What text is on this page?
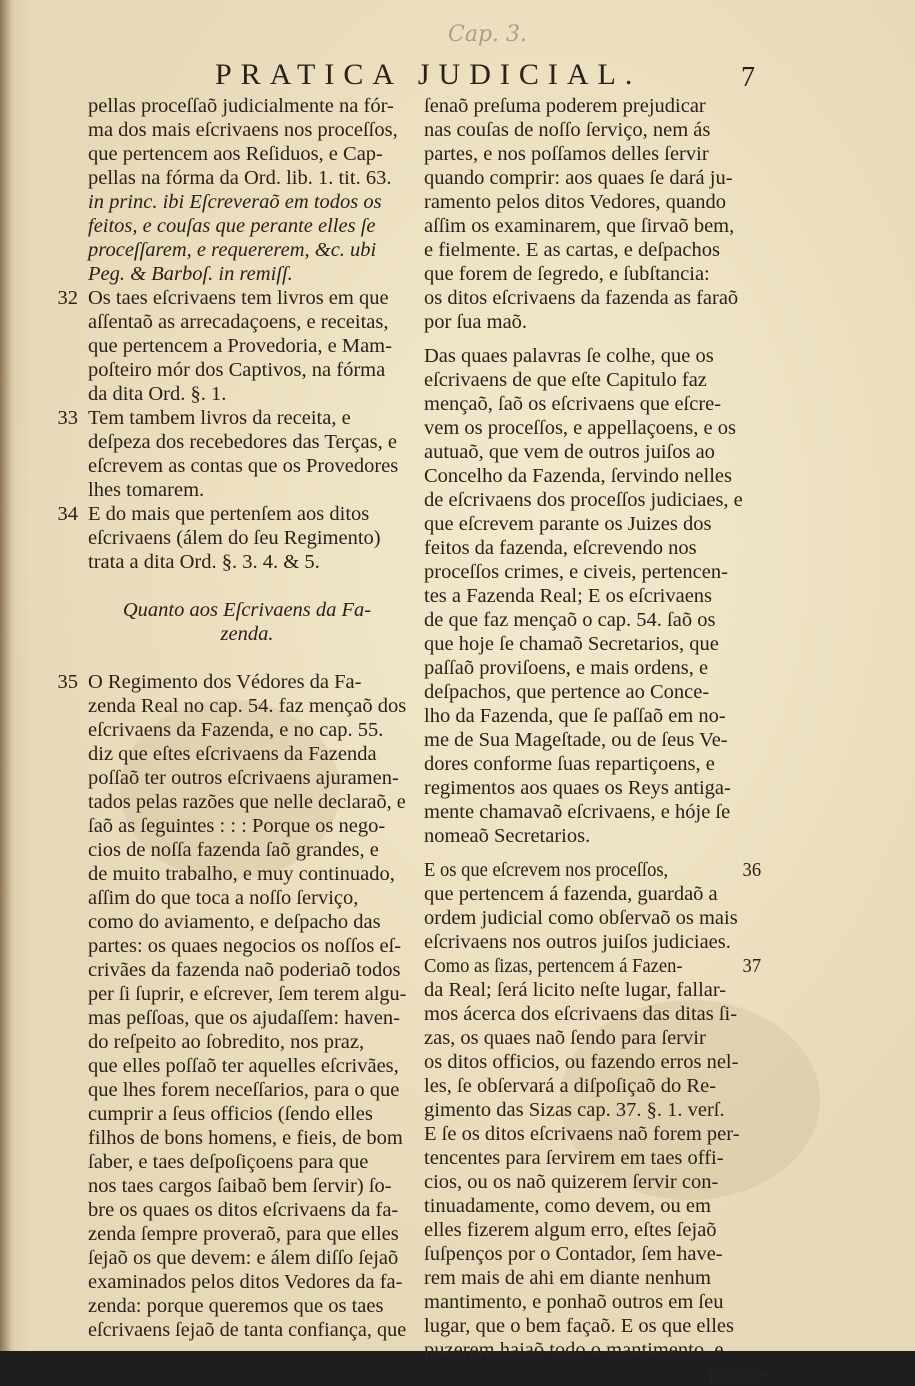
Cap. 3.
PRATICA JUDICIAL.	7
pellas proceſſaõ judicialmente na fór-
ma dos mais eſcrivaens nos proceſſos,
que pertencem aos Reſiduos, e Cap-
pellas na fórma da Ord. lib. 1. tit. 63.
in princ. ibi Eſcreveraõ em todos os
feitos, e couſas que perante elles ſe
proceſſarem, e requererem, &c. ubi
Peg. & Barboſ. in remiſſ.
32 Os taes eſcrivaens tem livros em que
aſſentaõ as arrecadaçoens, e receitas,
que pertencem a Provedoria, e Mam-
poſteiro mór dos Captivos, na fórma
da dita Ord. §. 1.
33 Tem tambem livros da receita, e
deſpeza dos recebedores das Terças, e
eſcrevem as contas que os Provedores
lhes tomarem.
34 E do mais que pertenſem aos ditos
eſcrivaens (álem do ſeu Regimento)
trata a dita Ord. §. 3. 4. & 5.
Quanto aos Eſcrivaens da Fa-
zenda.
35 O Regimento dos Védores da Fa-
zenda Real no cap. 54. faz mençaõ dos
eſcrivaens da Fazenda, e no cap. 55.
diz que eſtes eſcrivaens da Fazenda
poſſaõ ter outros eſcrivaens ajuramen-
tados pelas razões que nelle declaraõ, e
ſaõ as ſeguintes : : : Porque os nego-
cios de noſſa fazenda ſaõ grandes, e
de muito trabalho, e muy continuado,
aſſim do que toca a noſſo ſerviço,
como do aviamento, e deſpacho das
partes: os quaes negocios os noſſos eſ-
crivães da fazenda naõ poderiaõ todos
per ſi ſuprir, e eſcrever, ſem terem algu-
mas peſſoas, que os ajudaſſem: haven-
do reſpeito ao ſobredito, nos praz,
que elles poſſaõ ter aquelles eſcrivães,
que lhes forem neceſſarios, para o que
cumprir a ſeus officios (ſendo elles
filhos de bons homens, e fieis, de bom
ſaber, e taes deſpoſiçoens para que
nos taes cargos ſaibaõ bem ſervir) ſo-
bre os quaes os ditos eſcrivaens da fa-
zenda ſempre proveraõ, para que elles
ſejaõ os que devem: e álem diſſo ſejaõ
examinados pelos ditos Vedores da fa-
zenda: porque queremos que os taes
eſcrivaens ſejaõ de tanta confiança, que
ſenaõ preſuma poderem prejudicar
nas couſas de noſſo ſerviço, nem ás
partes, e nos poſſamos delles ſervir
quando comprir: aos quaes ſe dará ju-
ramento pelos ditos Vedores, quando
aſſim os examinarem, que ſirvaõ bem,
e fielmente. E as cartas, e deſpachos
que forem de ſegredo, e ſubſtancia:
os ditos eſcrivaens da fazenda as faraõ
por ſua maõ.
Das quaes palavras ſe colhe, que os
eſcrivaens de que eſte Capitulo faz
mençaõ, ſaõ os eſcrivaens que eſcre-
vem os proceſſos, e appellaçoens, e os
autuaõ, que vem de outros juiſos ao
Concelho da Fazenda, ſervindo nelles
de eſcrivaens dos proceſſos judiciaes, e
que eſcrevem parante os Juizes dos
feitos da fazenda, eſcrevendo nos
proceſſos crimes, e civeis, pertencen-
tes a Fazenda Real; E os eſcrivaens
de que faz mençaõ o cap. 54. ſaõ os
que hoje ſe chamaõ Secretarios, que
paſſaõ proviſoens, e mais ordens, e
deſpachos, que pertence ao Conce-
lho da Fazenda, que ſe paſſaõ em no-
me de Sua Mageſtade, ou de ſeus Ve-
dores conforme ſuas repartiçoens, e
regimentos aos quaes os Reys antiga-
mente chamavaõ eſcrivaens, e hóje ſe
nomeaõ Secretarios.
E os que eſcrevem nos proceſſos,	36
que pertencem á fazenda, guardaõ a
ordem judicial como obſervaõ os mais
eſcrivaens nos outros juiſos judiciaes.
Como as ſizas, pertencem á Fazen-	37
da Real; ſerá licito neſte lugar, fallar-
mos ácerca dos eſcrivaens das ditas ſi-
zas, os quaes naõ ſendo para ſervir
os ditos officios, ou fazendo erros nel-
les, ſe obſervará a diſpoſiçaõ do Re-
gimento das Sizas cap. 37. §. 1. verſ.
E ſe os ditos eſcrivaens naõ forem per-
tencentes para ſervirem em taes offi-
cios, ou os naõ quizerem ſervir con-
tinuadamente, como devem, ou em
elles fizerem algum erro, eſtes ſejaõ
ſuſpenços por o Contador, ſem have-
rem mais de ahi em diante nenhum
mantimento, e ponhaõ outros em ſeu
lugar, que o bem façaõ. E os que elles
puzerem hajaõ todo o mantimento, e
provei-
